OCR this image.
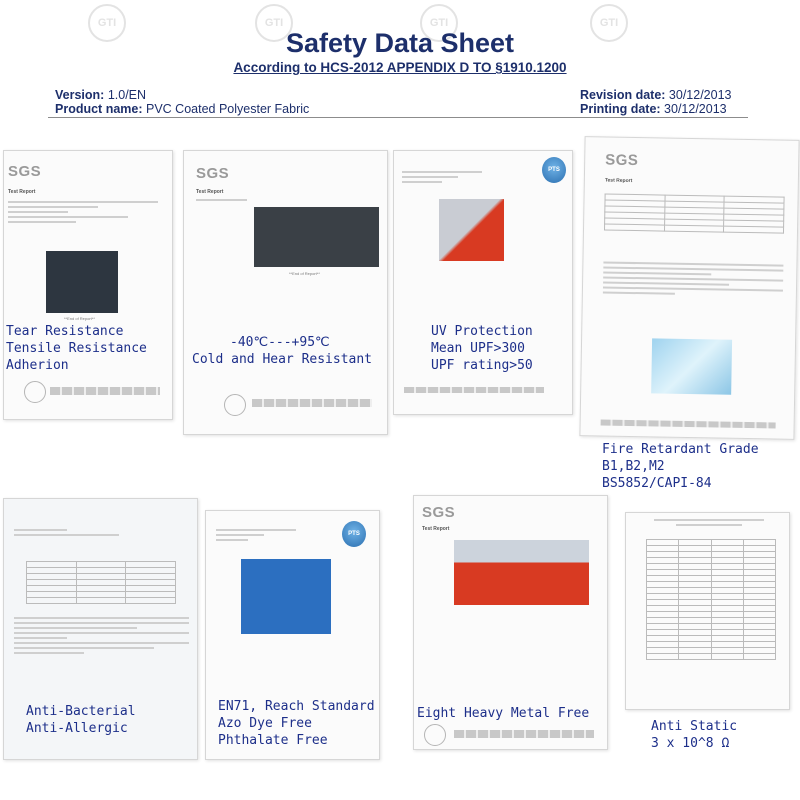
GTI	GTI	GTI	GTI
Safety Data Sheet
According to HCS-2012 APPENDIX D TO §1910.1200
Version: 1.0/EN
Product name: PVC Coated Polyester Fabric
Revision date: 30/12/2013
Printing date: 30/12/2013
SGS
Test Report
**End of Report**
Tear Resistance
Tensile Resistance
Adherion
SGS
Test Report
**End of Report**
-40℃---+95℃
Cold and Hear Resistant
PTS
UV Protection
Mean UPF>300
UPF rating>50
SGS
Test Report

Fire Retardant Grade
B1,B2,M2
BS5852/CAPI-84

Anti-Bacterial
Anti-Allergic
PTS
EN71, Reach Standard
Azo Dye Free
Phthalate Free
SGS
Test Report
Eight Heavy Metal Free

Anti Static
3 x 10^8 Ω
